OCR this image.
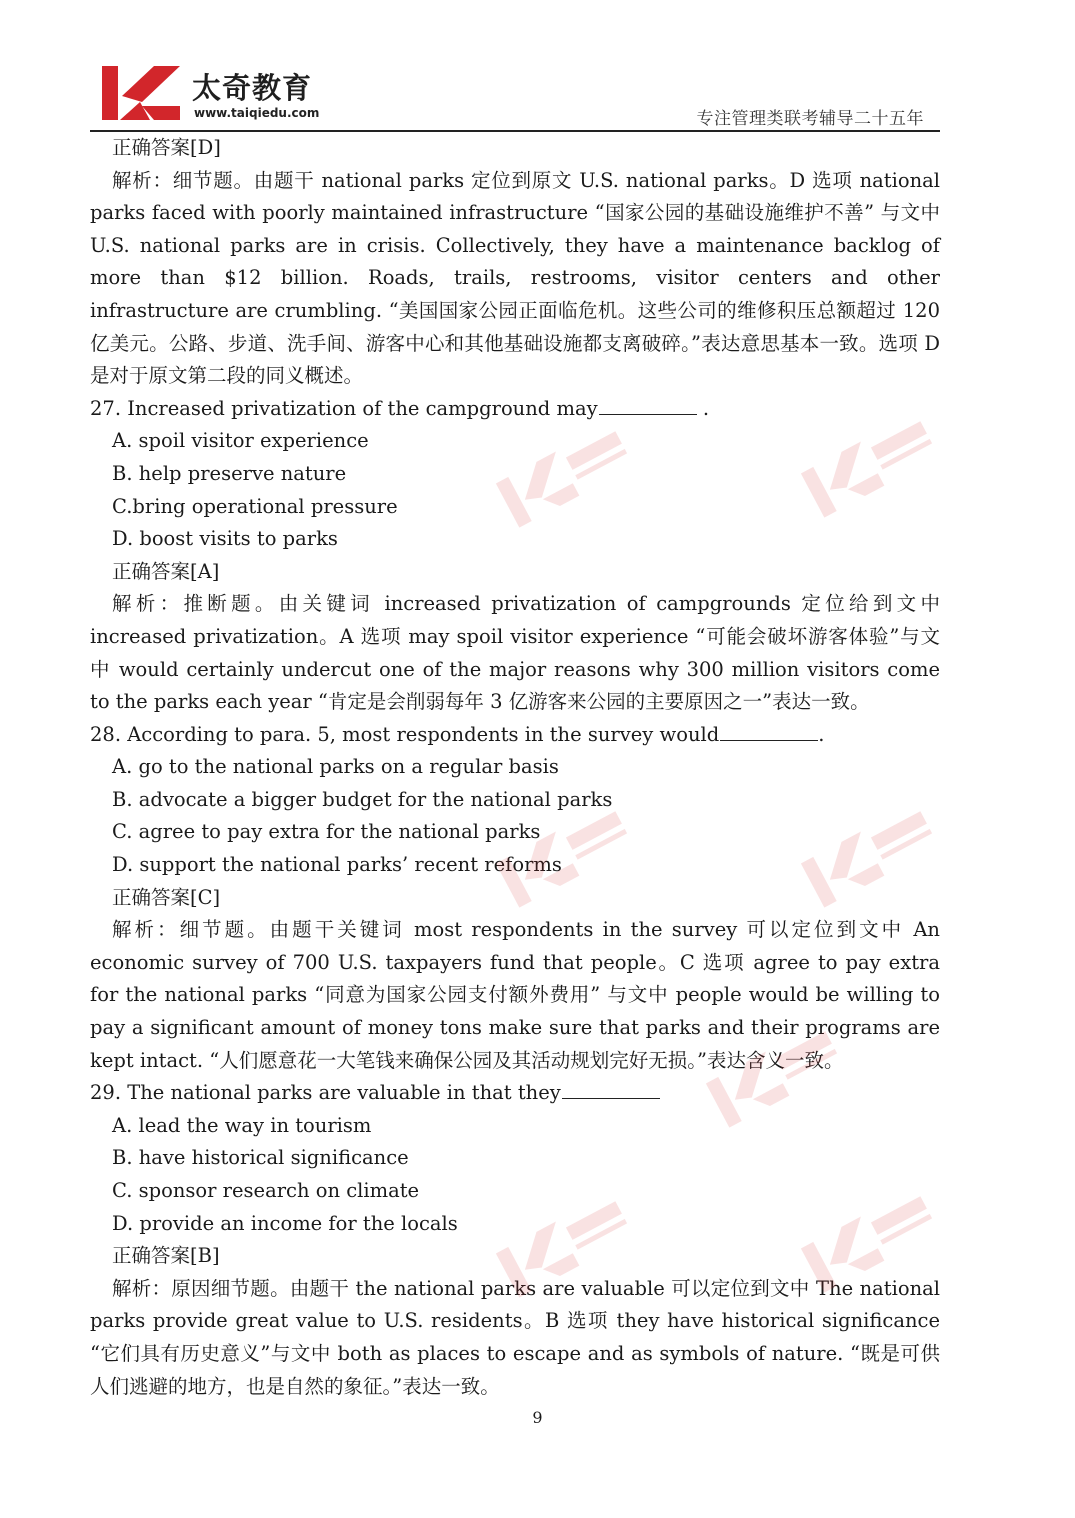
太奇教育
www.taiqiedu.com	专注管理类联考辅导二十五年

正确答案[D]

解析：细节题。由题干 national parks 定位到原文 U.S. national parks。D 选项 national parks faced with poorly maintained infrastructure “国家公园的基础设施维护不善” 与文中 U.S. national parks are in crisis. Collectively, they have a maintenance backlog of more than $12 billion. Roads, trails, restrooms, visitor centers and other infrastructure are crumbling. “美国国家公园正面临危机。这些公司的维修积压总额超过 120 亿美元。公路、步道、洗手间、游客中心和其他基础设施都支离破碎。”表达意思基本一致。选项 D 是对于原文第二段的同义概述。

27. Increased privatization of the campground may	.

A. spoil visitor experience

B. help preserve nature

C.bring operational pressure

D. boost visits to parks

正确答案[A]

解析：推断题。由关键词 increased privatization of campgrounds 定位给到文中 increased privatization。A 选项 may spoil visitor experience “可能会破坏游客体验”与文中 would certainly undercut one of the major reasons why 300 million visitors come to the parks each year “肯定是会削弱每年 3 亿游客来公园的主要原因之一”表达一致。

28. According to para. 5, most respondents in the survey would	.

A. go to the national parks on a regular basis

B. advocate a bigger budget for the national parks

C. agree to pay extra for the national parks

D. support the national parks’ recent reforms

正确答案[C]

解析：细节题。由题干关键词 most respondents in the survey 可以定位到文中 An economic survey of 700 U.S. taxpayers fund that people。C 选项 agree to pay extra for the national parks “同意为国家公园支付额外费用” 与文中 people would be willing to pay a significant amount of money tons make sure that parks and their programs are kept intact. “人们愿意花一大笔钱来确保公园及其活动规划完好无损。”表达含义一致。

29. The national parks are valuable in that they

A. lead the way in tourism

B. have historical significance

C. sponsor research on climate

D. provide an income for the locals

正确答案[B]

解析：原因细节题。由题干 the national parks are valuable 可以定位到文中 The national parks provide great value to U.S. residents。B 选项 they have historical significance “它们具有历史意义”与文中 both as places to escape and as symbols of nature. “既是可供人们逃避的地方，也是自然的象征。”表达一致。

9
